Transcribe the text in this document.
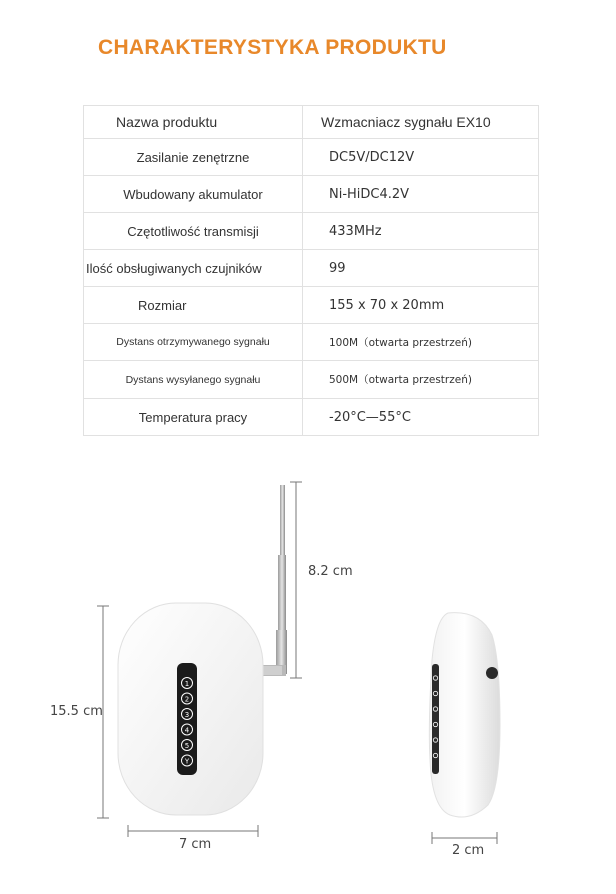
CHARAKTERYSTYKA PRODUKTU
Nazwa produktu	Wzmacniacz sygnału EX10
Zasilanie zenętrzne	DC5V/DC12V
Wbudowany akumulator	Ni-HiDC4.2V
Czętotliwość transmisji	433MHz
Ilość obsługiwanych czujników	99
Rozmiar	155 x 70 x 20mm
Dystans otrzymywanego sygnału	100M（otwarta przestrzeń)
Dystans wysyłanego sygnału	500M（otwarta przestrzeń)
Temperatura pracy	-20°C—55°C
1
2
3
4
5
Y
8.2 cm
15.5 cm
7 cm	2 cm
